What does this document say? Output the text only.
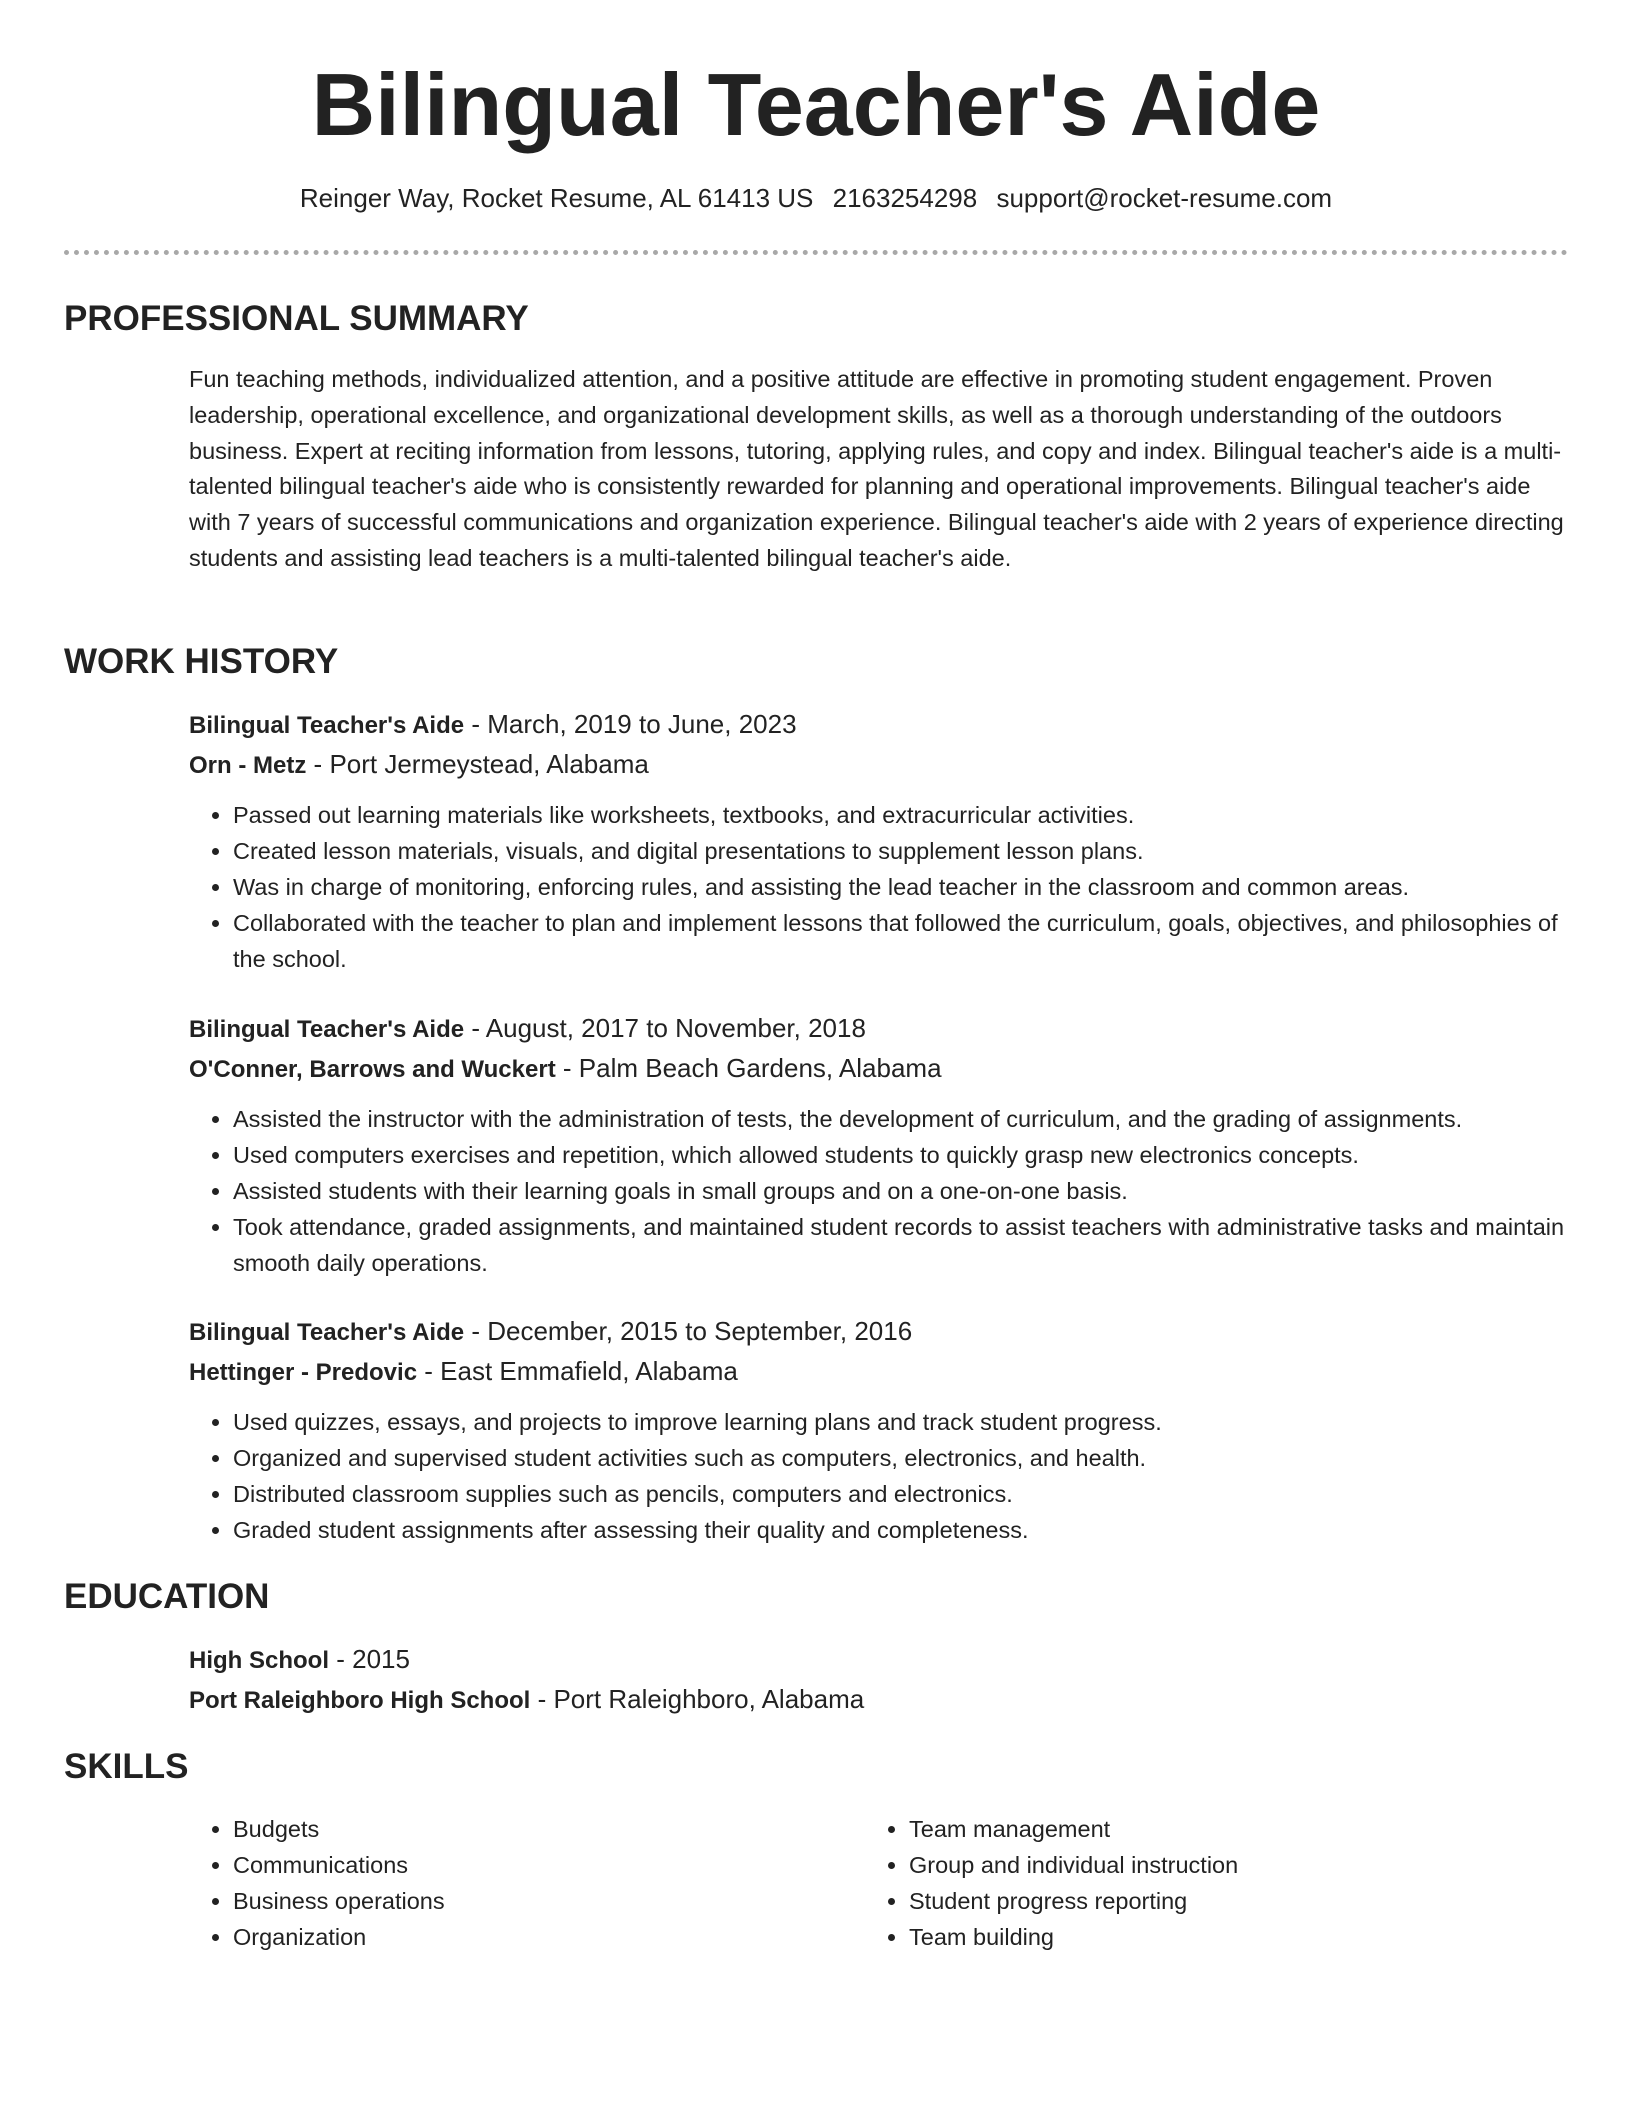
Bilingual Teacher's Aide
Reinger Way, Rocket Resume, AL 61413 US 2163254298 support@rocket-resume.com
PROFESSIONAL SUMMARY

Fun teaching methods, individualized attention, and a positive attitude are effective in promoting student engagement. Proven leadership, operational excellence, and organizational development skills, as well as a thorough understanding of the outdoors business. Expert at reciting information from lessons, tutoring, applying rules, and copy and index. Bilingual teacher's aide is a multi-talented bilingual teacher's aide who is consistently rewarded for planning and operational improvements. Bilingual teacher's aide with 7 years of successful communications and organization experience. Bilingual teacher's aide with 2 years of experience directing students and assisting lead teachers is a multi-talented bilingual teacher's aide.

WORK HISTORY

Bilingual Teacher's Aide - March, 2019 to June, 2023

Orn - Metz - Port Jermeystead, Alabama

• Passed out learning materials like worksheets, textbooks, and extracurricular activities.
• Created lesson materials, visuals, and digital presentations to supplement lesson plans.
• Was in charge of monitoring, enforcing rules, and assisting the lead teacher in the classroom and common areas.
• Collaborated with the teacher to plan and implement lessons that followed the curriculum, goals, objectives, and philosophies of the school.

Bilingual Teacher's Aide - August, 2017 to November, 2018

O'Conner, Barrows and Wuckert - Palm Beach Gardens, Alabama

• Assisted the instructor with the administration of tests, the development of curriculum, and the grading of assignments.
• Used computers exercises and repetition, which allowed students to quickly grasp new electronics concepts.
• Assisted students with their learning goals in small groups and on a one-on-one basis.
• Took attendance, graded assignments, and maintained student records to assist teachers with administrative tasks and maintain smooth daily operations.

Bilingual Teacher's Aide - December, 2015 to September, 2016

Hettinger - Predovic - East Emmafield, Alabama

• Used quizzes, essays, and projects to improve learning plans and track student progress.
• Organized and supervised student activities such as computers, electronics, and health.
• Distributed classroom supplies such as pencils, computers and electronics.
• Graded student assignments after assessing their quality and completeness.
EDUCATION

High School - 2015

Port Raleighboro High School - Port Raleighboro, Alabama

SKILLS
• Budgets
• Communications
• Business operations
• Organization
• Team management
• Group and individual instruction
• Student progress reporting
• Team building
